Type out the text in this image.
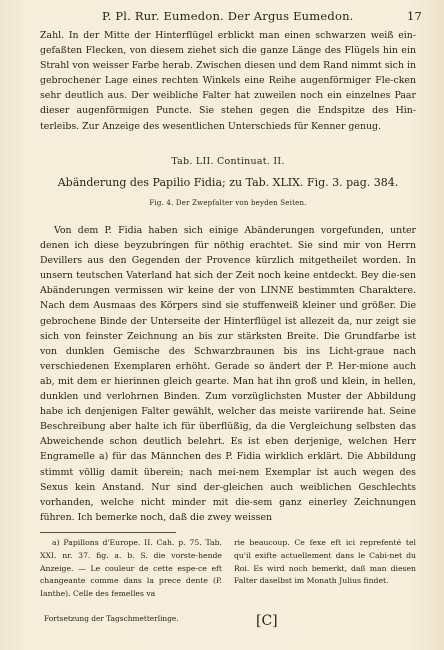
P. Pl. Rur. Eumedon. Der Argus Eumedon.	17

Zahl. In der Mitte der Hinterflügel erblickt man einen schwarzen weiß ein-gefaßten Flecken, von diesem ziehet sich die ganze Länge des Flügels hin ein Strahl von weisser Farbe herab. Zwischen diesen und dem Rand nimmt sich in gebrochener Lage eines rechten Winkels eine Reihe augenförmiger Fle-cken sehr deutlich aus. Der weibliche Falter hat zuweilen noch ein einzelnes Paar dieser augenförmigen Puncte. Sie stehen gegen die Endspitze des Hin-terleibs. Zur Anzeige des wesentlichen Unterschieds für Kenner genug.

Tab. LII. Continuat. II.
Abänderung des Papilio Fidia; zu Tab. XLIX. Fig. 3. pag. 384.
Fig. 4. Der Zwepfalter von beyden Seiten.

Von dem P. Fidia haben sich einige Abänderungen vorgefunden, unter denen ich diese beyzubringen für nöthig erachtet. Sie sind mir von Herrn Devillers aus den Gegenden der Provence kürzlich mitgetheilet worden. In unsern teutschen Vaterland hat sich der Zeit noch keine entdeckt. Bey die-sen Abänderungen vermissen wir keine der von LINNE bestimmten Charaktere. Nach dem Ausmaas des Körpers sind sie stuffenweiß kleiner und größer. Die gebrochene Binde der Unterseite der Hinterflügel ist allezeit da, nur zeigt sie sich von feinster Zeichnung an bis zur stärksten Breite. Die Grundfarbe ist von dunklen Gemische des Schwarzbraunen bis ins Licht-graue nach verschiedenen Exemplaren erhöht. Gerade so ändert der P. Her-mione auch ab, mit dem er hierinnen gleich gearte. Man hat ihn groß und klein, in hellen, dunklen und verlohrnen Binden. Zum vorzüglichsten Muster der Abbildung habe ich denjenigen Falter gewählt, welcher das meiste variirende hat. Seine Beschreibung aber halte ich für überflüßig, da die Vergleichung selbsten das Abweichende schon deutlich belehrt. Es ist eben derjenige, welchen Herr Engramelle a) für das Männchen des P. Fidia wirklich erklärt. Die Abbildung stimmt völlig damit überein; nach mei-nem Exemplar ist auch wegen des Sexus kein Anstand. Nur sind der-gleichen auch weiblichen Geschlechts vorhanden, welche nicht minder mit die-sem ganz einerley Zeichnungen führen. Ich bemerke noch, daß die zwey weissen

a) Papillons d'Europe. II. Cah. p. 75. Tab. XXI. nr. 37. fig. a. b. S. die vorste-hende Anzeige. — Le couleur de cette espe-ce eft changeante comme dans la prece dente (P. Ianthe). Celle des femelles va

rie beaucoup. Ce fexe eft ici reprefenté tel qu'il exifte actuellement dans le Cabi-net du Roi. Es wird noch bemerkt, daß man diesen Falter daselbst im Monath Julius findet.

Fortsetzung der Tagschmetterlinge.	[C]
